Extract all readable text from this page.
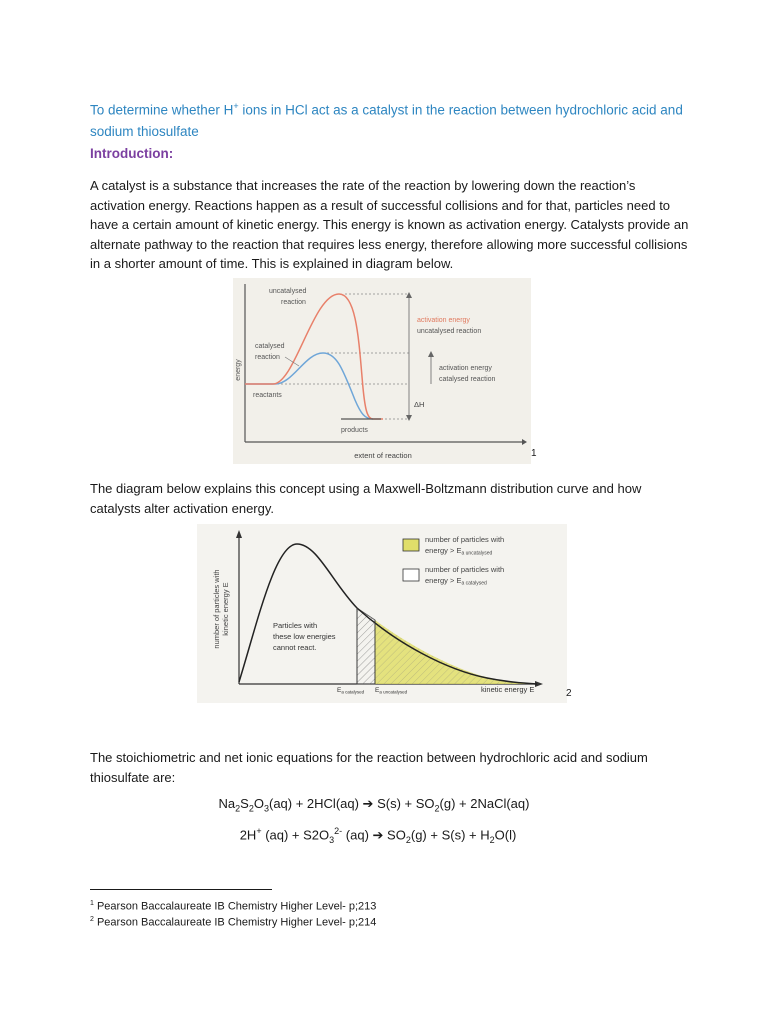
To determine whether H+ ions in HCl act as a catalyst in the reaction between hydrochloric acid and sodium thiosulfate
Introduction:
A catalyst is a substance that increases the rate of the reaction by lowering down the reaction’s activation energy. Reactions happen as a result of successful collisions and for that, particles need to have a certain amount of kinetic energy. This energy is known as activation energy. Catalysts provide an alternate pathway to the reaction that requires less energy, therefore allowing more successful collisions in a shorter amount of time. This is explained in diagram below.
energy
extent of reaction
uncatalysed
reaction
catalysed
reaction
reactants
products
activation energy
uncatalysed reaction
activation energy
catalysed reaction
ΔH
1
The diagram below explains this concept using a Maxwell-Boltzmann distribution curve and how catalysts alter activation energy.
number of particles with kinetic energy E	Particles with
these low energies
cannot react.
$E_{a catalysed}$ $E_{a uncatalysed}$	kinetic energy E
number of particles with
energy > $E_{a uncatalysed}$
number of particles with
energy > $E_{a catalysed}$
2
The stoichiometric and net ionic equations for the reaction between hydrochloric acid and sodium thiosulfate are:
$Na_2S_2O_3(aq) + 2HCl(aq)$ ➔ $S(s) + SO_2(g)$ + 2NaCl(aq)
2H+ $(aq) + S2O_3^{2-}$ (aq) ➔ $SO_2(g) + S(s) + H_2O(l)$
$^1$ Pearson Baccalaureate IB Chemistry Higher Level- p;213
$^2$ Pearson Baccalaureate IB Chemistry Higher Level- p;214
